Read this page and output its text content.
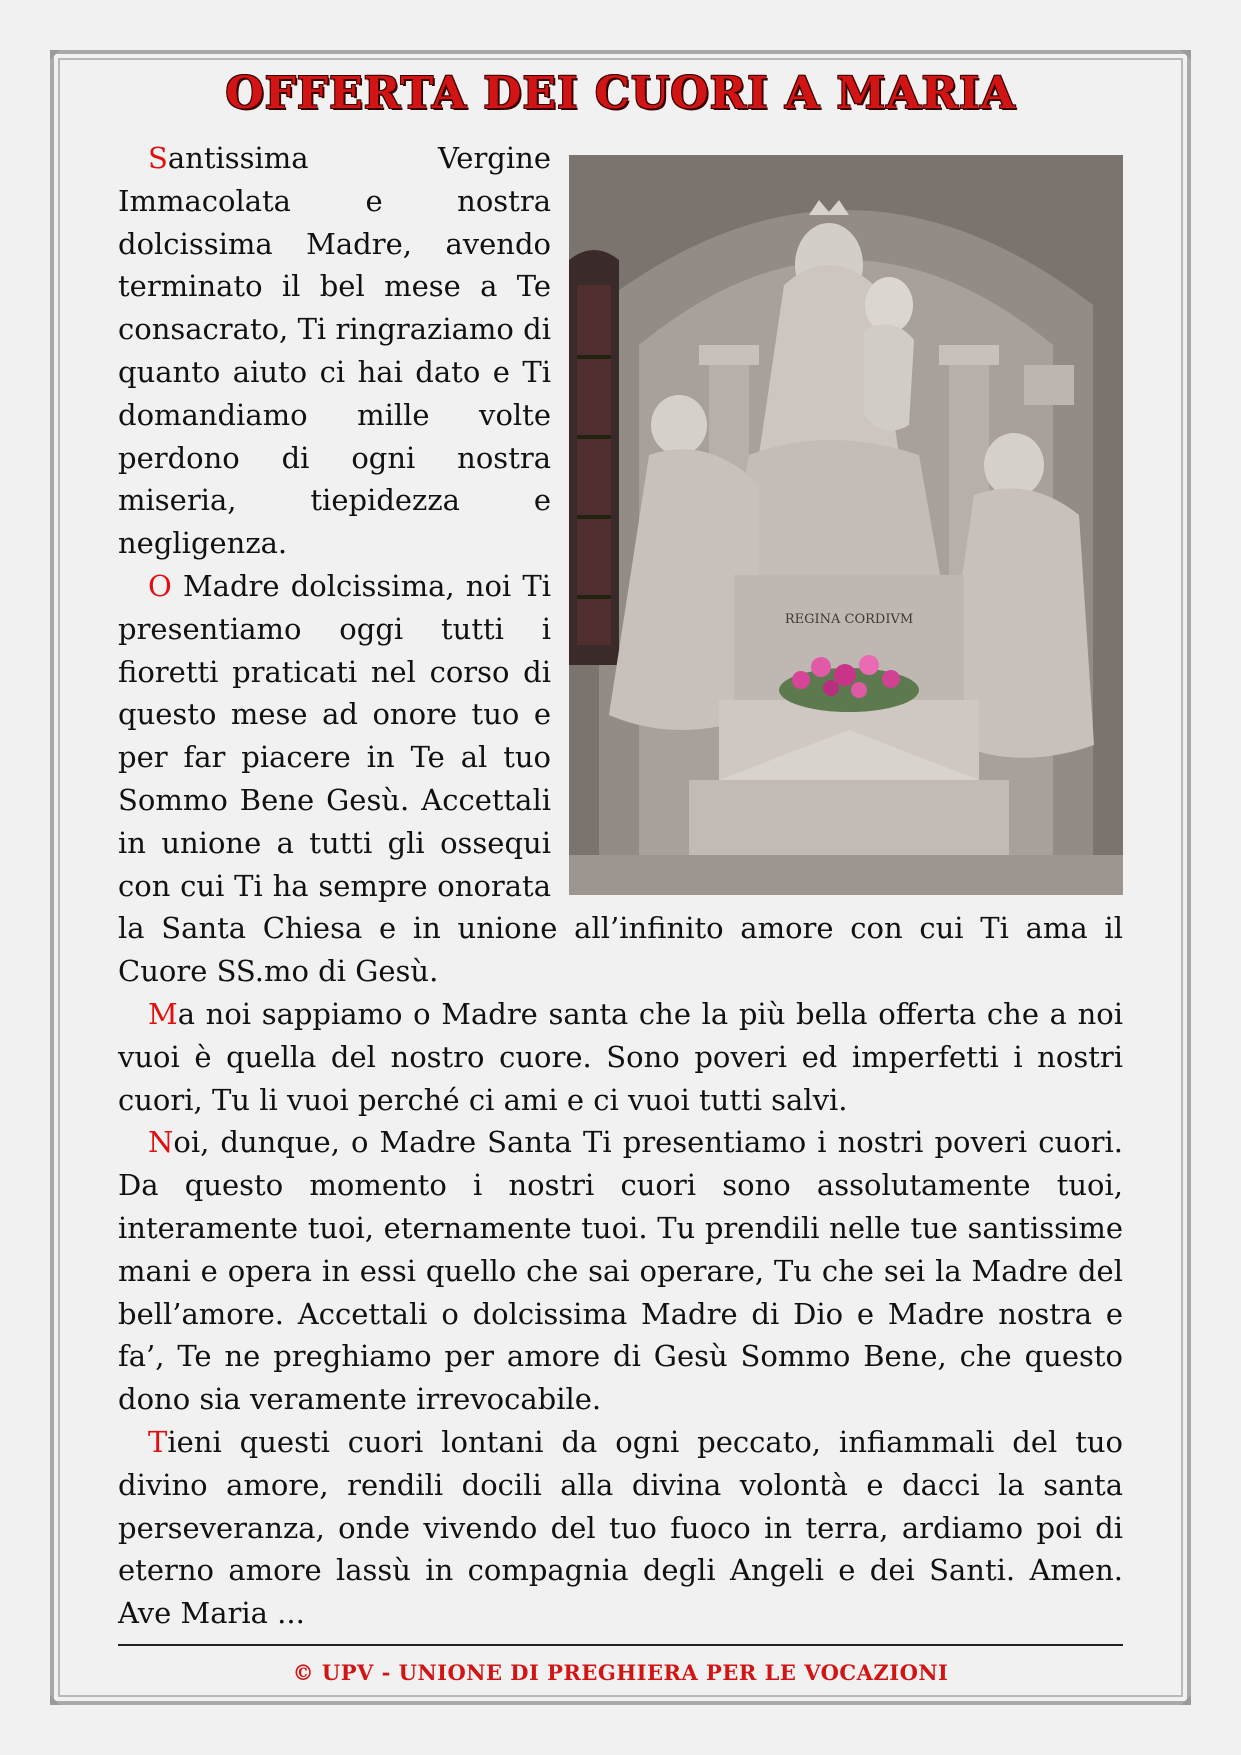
OFFERTA DEI CUORI A MARIA
REGINA CORDIVM

Santissima Vergine Immacolata e nostra dolcissima Madre, avendo terminato il bel mese a Te consacrato, Ti ringraziamo di quanto aiuto ci hai dato e Ti domandiamo mille volte perdono di ogni nostra miseria, tiepidezza e negligenza.

O Madre dolcissima, noi Ti presentiamo oggi tutti i fioretti praticati nel corso di questo mese ad onore tuo e per far piacere in Te al tuo Sommo Bene Gesù. Accettali in unione a tutti gli ossequi con cui Ti ha sempre onorata la Santa Chiesa e in unione all’infinito amore con cui Ti ama il Cuore SS.mo di Gesù.

Ma noi sappiamo o Madre santa che la più bella offerta che a noi vuoi è quella del nostro cuore. Sono poveri ed imperfetti i nostri cuori, Tu li vuoi perché ci ami e ci vuoi tutti salvi.

Noi, dunque, o Madre Santa Ti presentiamo i nostri poveri cuori. Da questo momento i nostri cuori sono assolutamente tuoi, interamente tuoi, eternamente tuoi. Tu prendili nelle tue santissime mani e opera in essi quello che sai operare, Tu che sei la Madre del bell’amore. Accettali o dolcissima Madre di Dio e Madre nostra e fa’, Te ne preghiamo per amore di Gesù Sommo Bene, che questo dono sia veramente irrevocabile.

Tieni questi cuori lontani da ogni peccato, infiammali del tuo divino amore, rendili docili alla divina volontà e dacci la santa perseveranza, onde vivendo del tuo fuoco in terra, ardiamo poi di eterno amore lassù in compagnia degli Angeli e dei Santi. Amen. Ave Maria ...

© UPV - UNIONE DI PREGHIERA PER LE VOCAZIONI
